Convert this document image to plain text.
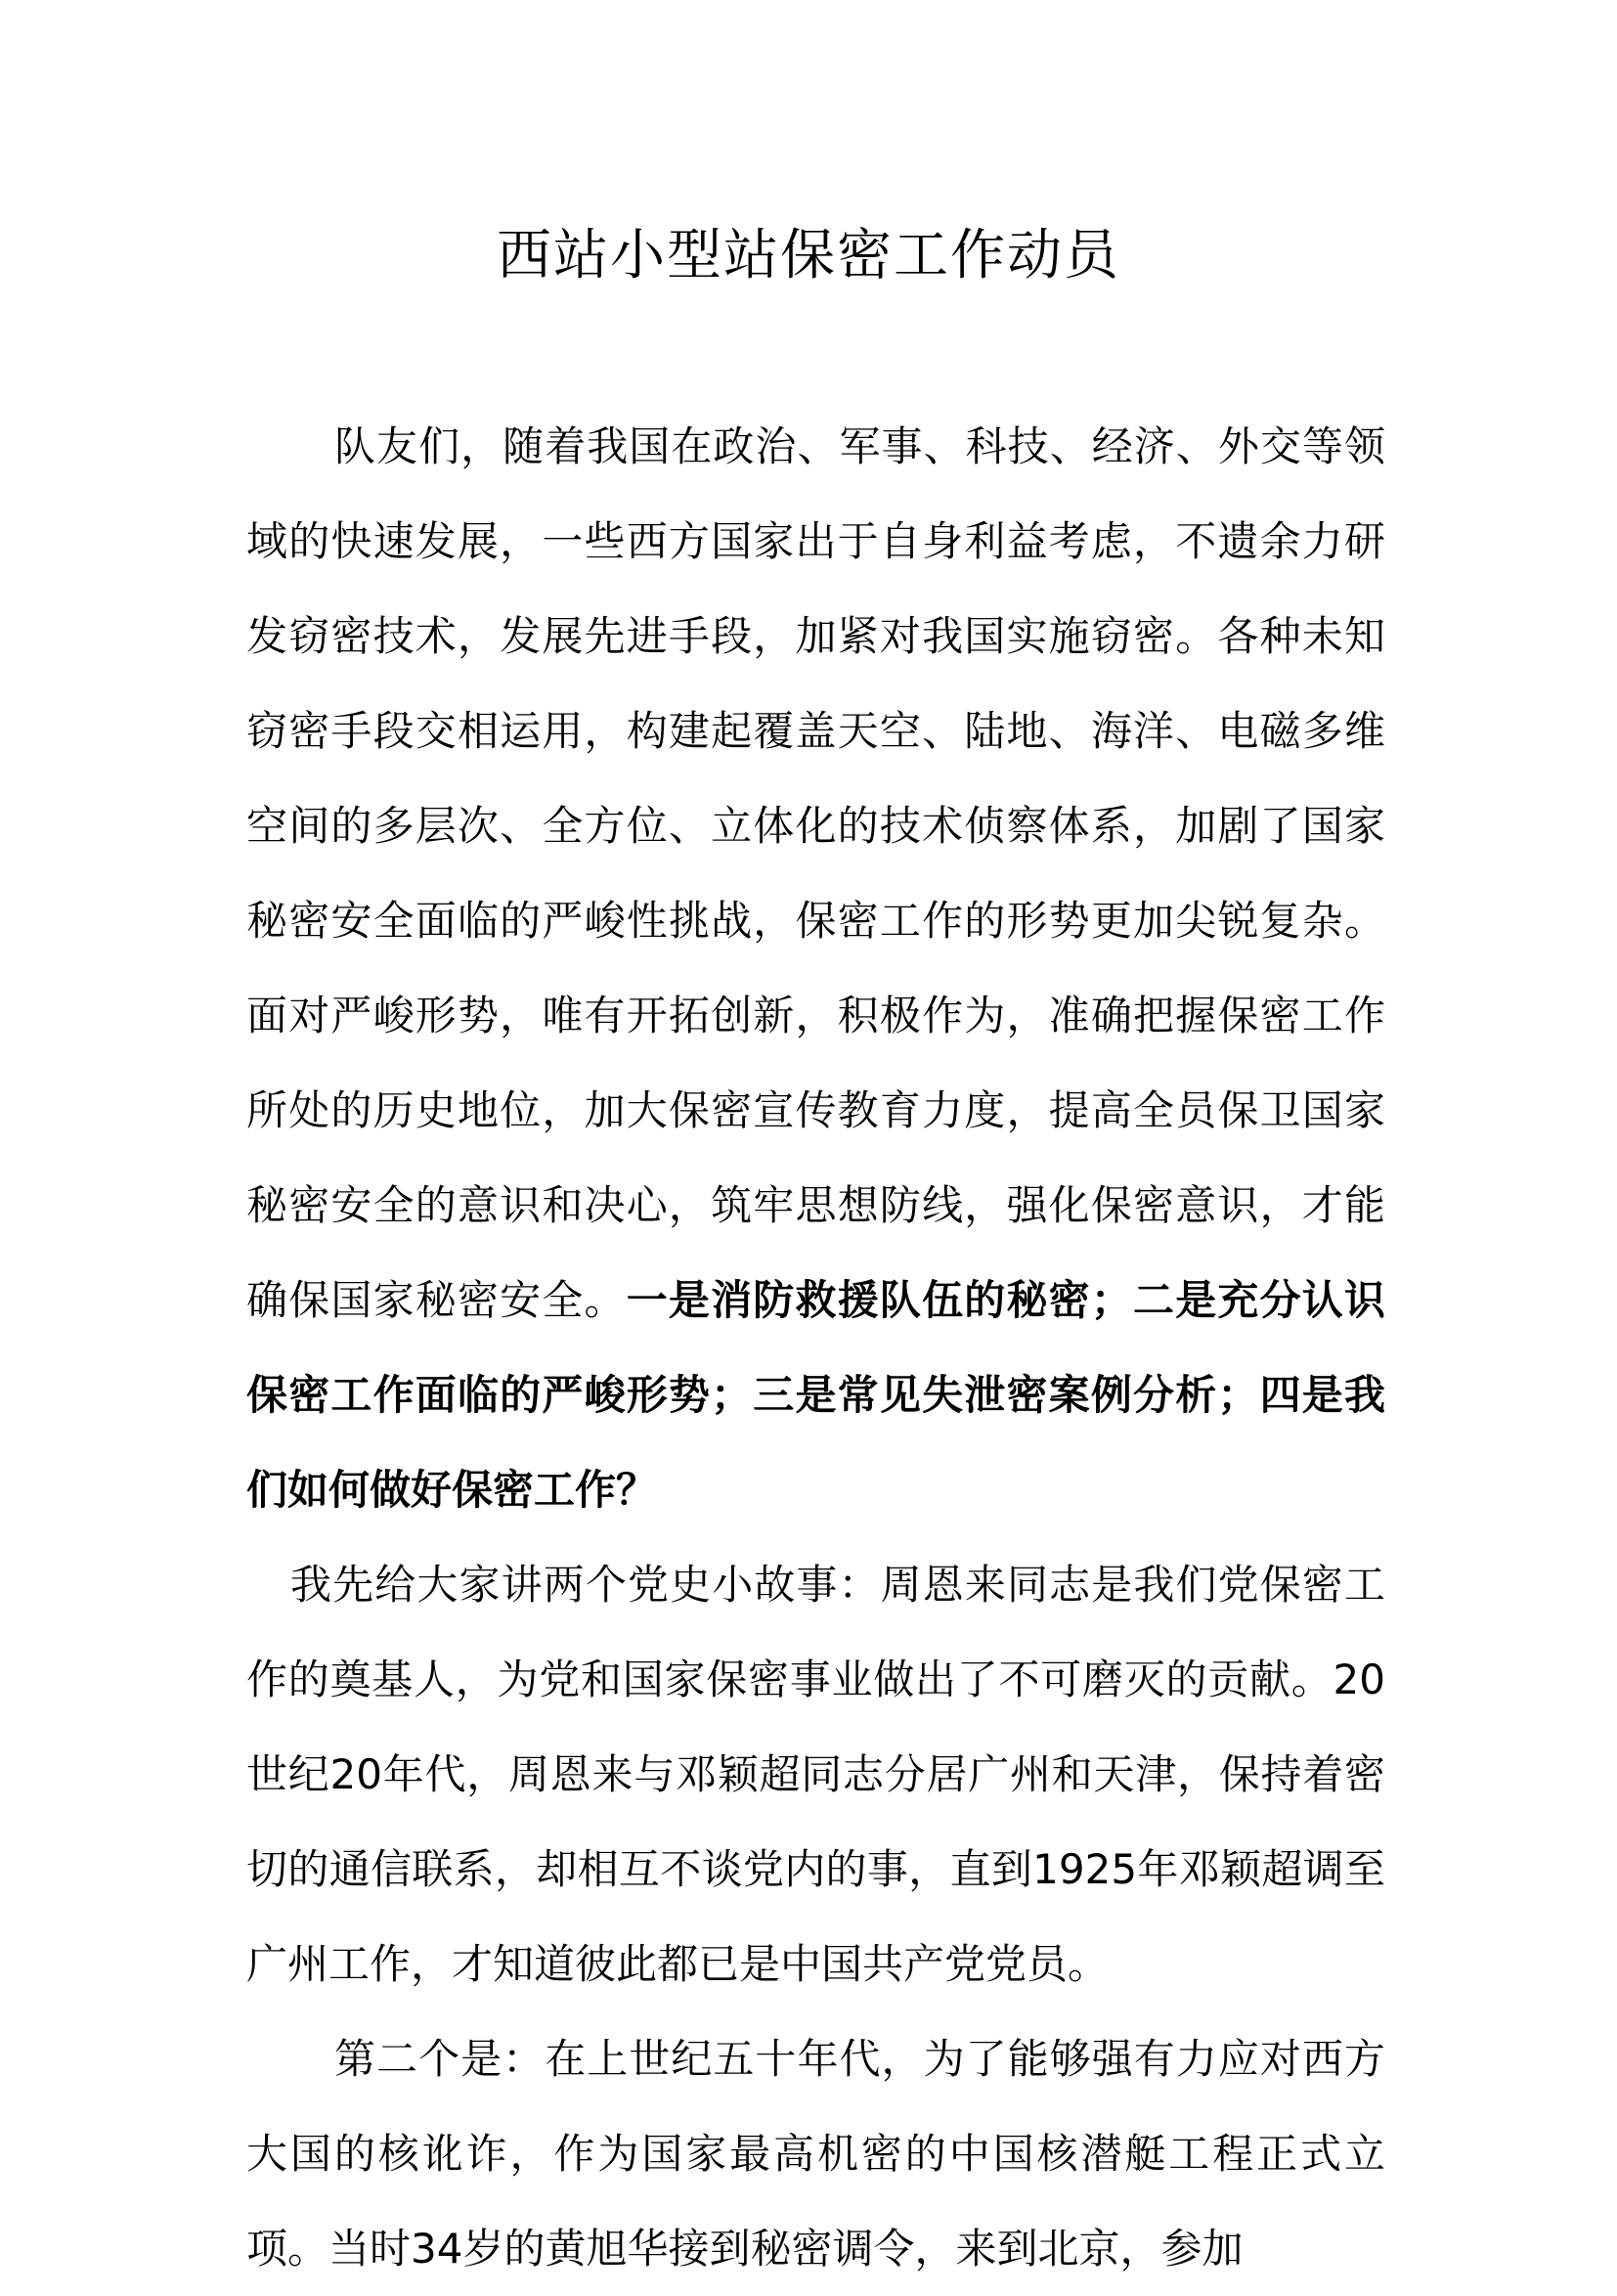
西站小型站保密工作动员

队友们，随着我国在政治、军事、科技、经济、外交等领域的快速发展，一些西方国家出于自身利益考虑，不遗余力研发窃密技术，发展先进手段，加紧对我国实施窃密。各种未知窃密手段交相运用，构建起覆盖天空、陆地、海洋、电磁多维空间的多层次、全方位、立体化的技术侦察体系，加剧了国家秘密安全面临的严峻性挑战，保密工作的形势更加尖锐复杂。面对严峻形势，唯有开拓创新，积极作为，准确把握保密工作所处的历史地位，加大保密宣传教育力度，提高全员保卫国家秘密安全的意识和决心，筑牢思想防线，强化保密意识，才能确保国家秘密安全。一是消防救援队伍的秘密；二是充分认识保密工作面临的严峻形势；三是常见失泄密案例分析；四是我们如何做好保密工作？

我先给大家讲两个党史小故事：周恩来同志是我们党保密工作的奠基人，为党和国家保密事业做出了不可磨灭的贡献。20世纪20年代，周恩来与邓颖超同志分居广州和天津，保持着密切的通信联系，却相互不谈党内的事，直到1925年邓颖超调至广州工作，才知道彼此都已是中国共产党党员。

第二个是：在上世纪五十年代，为了能够强有力应对西方大国的核讹诈，作为国家最高机密的中国核潜艇工程正式立项。当时34岁的黄旭华接到秘密调令，来到北京，参加
